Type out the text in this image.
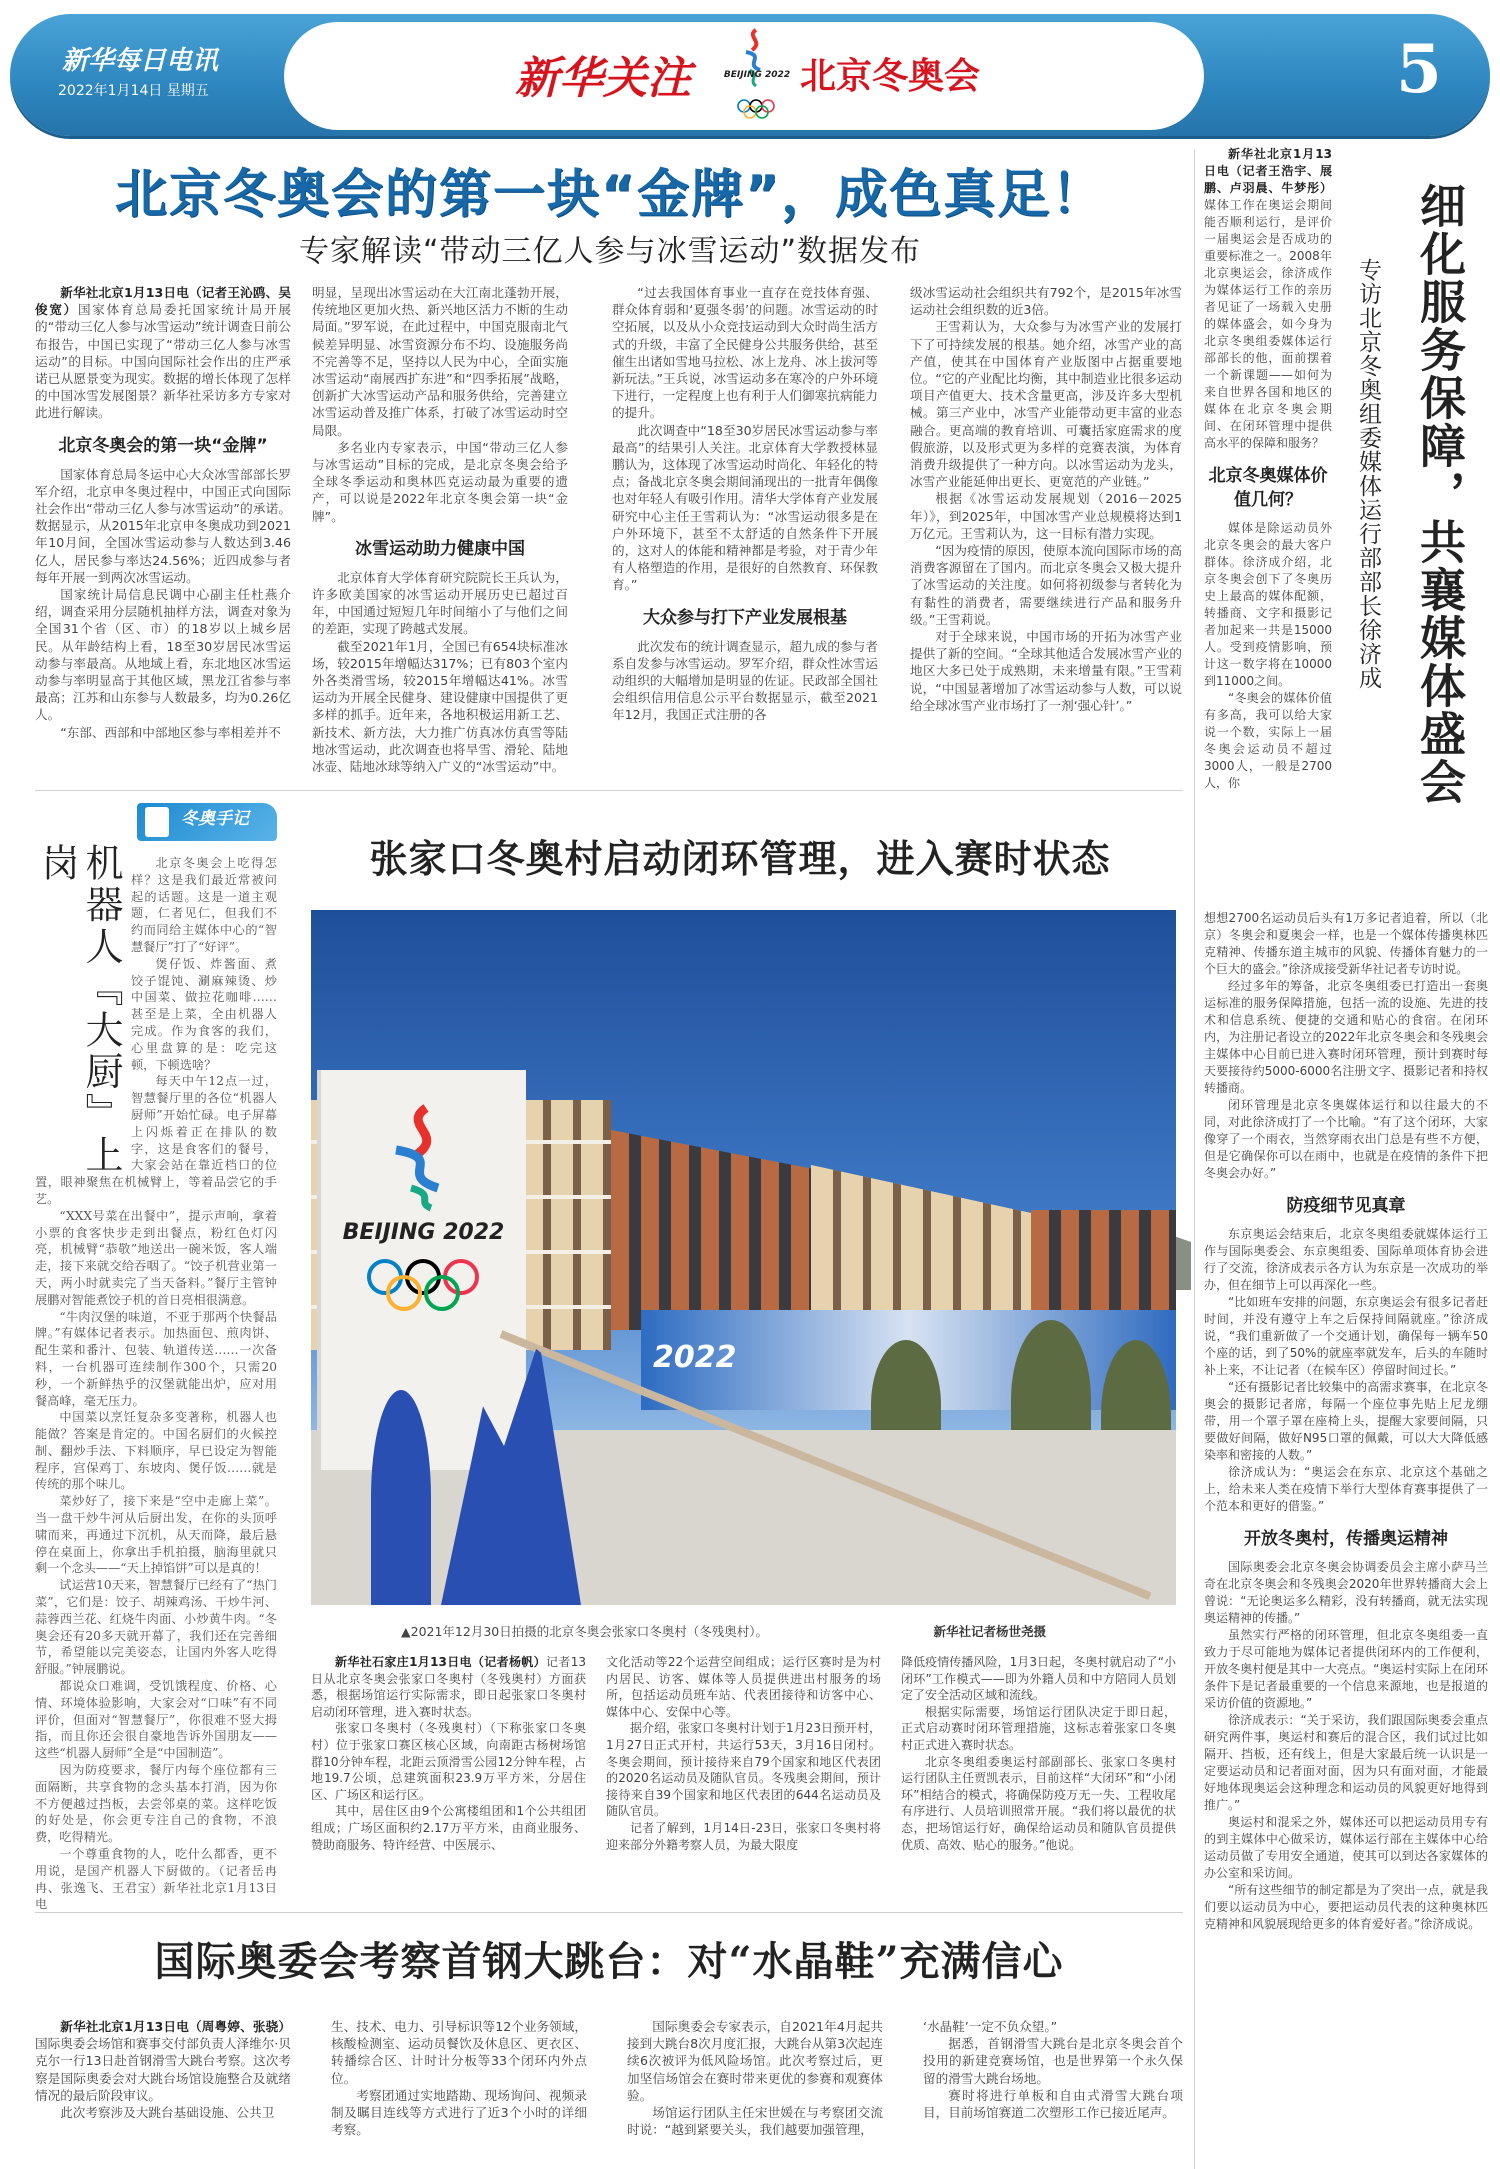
新华每日电讯
2022年1月14日 星期五	新华关注	BEIJING 2022 北京冬奥会	5
北京冬奥会的第一块“金牌”，成色真足！
专家解读“带动三亿人参与冰雪运动”数据发布

新华社北京1月13日电（记者王沁鸥、吴俊宽）国家体育总局委托国家统计局开展的“带动三亿人参与冰雪运动”统计调查日前公布报告，中国已实现了“带动三亿人参与冰雪运动”的目标。中国向国际社会作出的庄严承诺已从愿景变为现实。数据的增长体现了怎样的中国冰雪发展图景？新华社采访多方专家对此进行解读。

北京冬奥会的第一块“金牌”

国家体育总局冬运中心大众冰雪部部长罗军介绍，北京申冬奥过程中，中国正式向国际社会作出“带动三亿人参与冰雪运动”的承诺。数据显示，从2015年北京申冬奥成功到2021年10月间，全国冰雪运动参与人数达到3.46亿人，居民参与率达24.56%；近四成参与者每年开展一到两次冰雪运动。

国家统计局信息民调中心副主任杜燕介绍，调查采用分层随机抽样方法，调查对象为全国31个省（区、市）的18岁以上城乡居民。从年龄结构上看，18至30岁居民冰雪运动参与率最高。从地域上看，东北地区冰雪运动参与率明显高于其他区域，黑龙江省参与率最高；江苏和山东参与人数最多，均为0.26亿人。

“东部、西部和中部地区参与率相差并不

明显，呈现出冰雪运动在大江南北蓬勃开展，传统地区更加火热、新兴地区活力不断的生动局面。”罗军说，在此过程中，中国克服南北气候差异明显、冰雪资源分布不均、设施服务尚不完善等不足，坚持以人民为中心，全面实施冰雪运动“南展西扩东进”和“四季拓展”战略，创新扩大冰雪运动产品和服务供给，完善建立冰雪运动普及推广体系，打破了冰雪运动时空局限。

多名业内专家表示，中国“带动三亿人参与冰雪运动”目标的完成，是北京冬奥会给予全球冬季运动和奥林匹克运动最为重要的遗产，可以说是2022年北京冬奥会第一块“金牌”。

冰雪运动助力健康中国

北京体育大学体育研究院院长王兵认为，许多欧美国家的冰雪运动开展历史已超过百年，中国通过短短几年时间缩小了与他们之间的差距，实现了跨越式发展。

截至2021年1月，全国已有654块标准冰场，较2015年增幅达317%；已有803个室内外各类滑雪场，较2015年增幅达41%。冰雪运动为开展全民健身、建设健康中国提供了更多样的抓手。近年来，各地积极运用新工艺、新技术、新方法，大力推广仿真冰仿真雪等陆地冰雪运动，此次调查也将旱雪、滑轮、陆地冰壶、陆地冰球等纳入广义的“冰雪运动”中。

“过去我国体育事业一直存在竞技体育强、群众体育弱和‘夏强冬弱’的问题。冰雪运动的时空拓展，以及从小众竞技运动到大众时尚生活方式的升级，丰富了全民健身公共服务供给，甚至催生出诸如雪地马拉松、冰上龙舟、冰上拔河等新玩法。”王兵说，冰雪运动多在寒冷的户外环境下进行，一定程度上也有利于人们御寒抗病能力的提升。

此次调查中“18至30岁居民冰雪运动参与率最高”的结果引人关注。北京体育大学教授林显鹏认为，这体现了冰雪运动时尚化、年轻化的特点；备战北京冬奥会期间涌现出的一批青年偶像也对年轻人有吸引作用。清华大学体育产业发展研究中心主任王雪莉认为：“冰雪运动很多是在户外环境下，甚至不太舒适的自然条件下开展的，这对人的体能和精神都是考验，对于青少年有人格塑造的作用，是很好的自然教育、环保教育。”

大众参与打下产业发展根基

此次发布的统计调查显示，超九成的参与者系自发参与冰雪运动。罗军介绍，群众性冰雪运动组织的大幅增加是明显的佐证。民政部全国社会组织信用信息公示平台数据显示，截至2021年12月，我国正式注册的各

级冰雪运动社会组织共有792个，是2015年冰雪运动社会组织数的近3倍。

王雪莉认为，大众参与为冰雪产业的发展打下了可持续发展的根基。她介绍，冰雪产业的高产值，使其在中国体育产业版图中占据重要地位。“它的产业配比均衡，其中制造业比很多运动项目产值更大、技术含量更高，涉及许多大型机械。第三产业中，冰雪产业能带动更丰富的业态融合。更高端的教育培训、可囊括家庭需求的度假旅游，以及形式更为多样的竞赛表演，为体育消费升级提供了一种方向。以冰雪运动为龙头，冰雪产业能延伸出更长、更宽范的产业链。”

根据《冰雪运动发展规划（2016－2025年）》，到2025年，中国冰雪产业总规模将达到1万亿元。王雪莉认为，这一目标有潜力实现。

“因为疫情的原因，使原本流向国际市场的高消费客源留在了国内。而北京冬奥会又极大提升了冰雪运动的关注度。如何将初级参与者转化为有黏性的消费者，需要继续进行产品和服务升级。”王雪莉说。

对于全球来说，中国市场的开拓为冰雪产业提供了新的空间。“全球其他适合发展冰雪产业的地区大多已处于成熟期，未来增量有限。”王雪莉说，“中国显著增加了冰雪运动参与人数，可以说给全球冰雪产业市场打了一剂‘强心针’。”

新华社北京1月13日电（记者王浩宇、展鹏、卢羽晨、牛梦彤）媒体工作在奥运会期间能否顺利运行，是评价一届奥运会是否成功的重要标准之一。2008年北京奥运会，徐济成作为媒体运行工作的亲历者见证了一场载入史册的媒体盛会，如今身为北京冬奥组委媒体运行部部长的他，面前摆着一个新课题——如何为来自世界各国和地区的媒体在北京冬奥会期间、在闭环管理中提供高水平的保障和服务？

北京冬奥媒体价值几何？

媒体是除运动员外北京冬奥会的最大客户群体。徐济成介绍，北京冬奥会创下了冬奥历史上最高的媒体配额，转播商、文字和摄影记者加起来一共是15000人。受到疫情影响，预计这一数字将在10000到11000之间。

“冬奥会的媒体价值有多高，我可以给大家说一个数，实际上一届冬奥会运动员不超过3000人，一般是2700人，你	细化服务保障，共襄媒体盛会
专访北京冬奥组委媒体运行部部长徐济成

想想2700名运动员后头有1万多记者追着，所以（北京）冬奥会和夏奥会一样，也是一个媒体传播奥林匹克精神、传播东道主城市的风貌、传播体育魅力的一个巨大的盛会。”徐济成接受新华社记者专访时说。

经过多年的筹备，北京冬奥组委已打造出一套奥运标准的服务保障措施，包括一流的设施、先进的技术和信息系统、便捷的交通和贴心的食宿。在闭环内，为注册记者设立的2022年北京冬奥会和冬残奥会主媒体中心目前已进入赛时闭环管理，预计到赛时每天要接待约5000-6000名注册文字、摄影记者和持权转播商。

闭环管理是北京冬奥媒体运行和以往最大的不同，对此徐济成打了一个比喻。“有了这个闭环，大家像穿了一个雨衣，当然穿雨衣出门总是有些不方便，但是它确保你可以在雨中，也就是在疫情的条件下把冬奥会办好。”

防疫细节见真章

东京奥运会结束后，北京冬奥组委就媒体运行工作与国际奥委会、东京奥组委、国际单项体育协会进行了交流，徐济成表示各方认为东京是一次成功的举办，但在细节上可以再深化一些。

“比如班车安排的问题，东京奥运会有很多记者赶时间，并没有遵守上车之后保持间隔就座。”徐济成说，“我们重新做了一个交通计划，确保每一辆车50个座的话，到了50%的就座率就发车，后头的车随时补上来，不让记者（在候车区）停留时间过长。”

“还有摄影记者比较集中的高需求赛事，在北京冬奥会的摄影记者席，每隔一个座位事先贴上尼龙绷带，用一个罩子罩在座椅上头，提醒大家要间隔，只要做好间隔，做好N95口罩的佩戴，可以大大降低感染率和密接的人数。”

徐济成认为：“奥运会在东京、北京这个基础之上，给未来人类在疫情下举行大型体育赛事提供了一个范本和更好的借鉴。”

开放冬奥村，传播奥运精神

国际奥委会北京冬奥会协调委员会主席小萨马兰奇在北京冬奥会和冬残奥会2020年世界转播商大会上曾说：“无论奥运多么精彩，没有转播商，就无法实现奥运精神的传播。”

虽然实行严格的闭环管理，但北京冬奥组委一直致力于尽可能地为媒体记者提供闭环内的工作便利，开放冬奥村便是其中一大亮点。“奥运村实际上在闭环条件下是记者最重要的一个信息来源地，也是报道的采访价值的资源地。”

徐济成表示：“关于采访，我们跟国际奥委会重点研究两件事，奥运村和赛后的混合区，我们试过比如隔开、挡板，还有线上，但是大家最后统一认识是一定要运动员和记者面对面，因为只有面对面，才能最好地体现奥运会这种理念和运动员的风貌更好地得到推广。”

奥运村和混采之外，媒体还可以把运动员用专有的到主媒体中心做采访，媒体运行部在主媒体中心给运动员做了专用安全通道，使其可以到达各家媒体的办公室和采访间。

“所有这些细节的制定都是为了突出一点，就是我们要以运动员为中心，要把运动员代表的这种奥林匹克精神和风貌展现给更多的体育爱好者。”徐济成说。

冬奥手记
机器人『大厨』上岗	北京冬奥会上吃得怎样？这是我们最近常被问起的话题。这是一道主观题，仁者见仁，但我们不约而同给主媒体中心的“智慧餐厅”打了“好评”。

煲仔饭、炸酱面、煮饺子馄饨、涮麻辣烫、炒中国菜、做拉花咖啡……甚至是上菜，全由机器人完成。作为食客的我们，心里盘算的是：吃完这顿，下顿选啥？

每天中午12点一过，智慧餐厅里的各位“机器人厨师”开始忙碌。电子屏幕上闪烁着正在排队的数字，这是食客们的餐号，大家会站在靠近档口的位置，眼神聚焦在机械臂上，等着品尝它的手艺。

“XXX号菜在出餐中”，提示声响，拿着小票的食客快步走到出餐点，粉红色灯闪亮，机械臂“恭敬”地送出一碗米饭，客人端走，接下来就交给吞咽了。“饺子机营业第一天，两小时就卖完了当天备料。”餐厅主管钟展鹏对智能煮饺子机的首日亮相很满意。

“牛肉汉堡的味道，不亚于那两个快餐品牌。”有媒体记者表示。加热面包、煎肉饼、配生菜和番汁、包装、轨道传送……一次备料，一台机器可连续制作300个，只需20秒，一个新鲜热乎的汉堡就能出炉，应对用餐高峰，毫无压力。

中国菜以烹饪复杂多变著称，机器人也能做？答案是肯定的。中国名厨们的火候控制、翻炒手法、下料顺序，早已设定为智能程序，宫保鸡丁、东坡肉、煲仔饭……就是传统的那个味儿。

菜炒好了，接下来是“空中走廊上菜”。当一盘干炒牛河从后厨出发，在你的头顶呼啸而来，再通过下沉机，从天而降，最后悬停在桌面上，你拿出手机拍摄，脑海里就只剩一个念头——“天上掉馅饼”可以是真的！

试运营10天来，智慧餐厅已经有了“热门菜”，它们是：饺子、胡辣鸡汤、干炒牛河、蒜蓉西兰花、红烧牛肉面、小炒黄牛肉。“冬奥会还有20多天就开幕了，我们还在完善细节，希望能以完美姿态，让国内外客人吃得舒服。”钟展鹏说。

都说众口难调，受饥饿程度、价格、心情、环境体验影响，大家会对“口味”有不同评价，但面对“智慧餐厅”，你很难不竖大拇指，而且你还会很自豪地告诉外国朋友——这些“机器人厨师”全是“中国制造”。

因为防疫要求，餐厅内每个座位都有三面隔断，共享食物的念头基本打消，因为你不方便越过挡板，去尝邻桌的菜。这样吃饭的好处是，你会更专注自己的食物，不浪费，吃得精光。

一个尊重食物的人，吃什么都香，更不用说，是国产机器人下厨做的。（记者岳冉冉、张逸飞、王君宝）新华社北京1月13日电

张家口冬奥村启动闭环管理，进入赛时状态
2022
BEIJING 2022
▲2021年12月30日拍摄的北京冬奥会张家口冬奥村（冬残奥村）。	新华社记者杨世尧摄

新华社石家庄1月13日电（记者杨帆）记者13日从北京冬奥会张家口冬奥村（冬残奥村）方面获悉，根据场馆运行实际需求，即日起张家口冬奥村启动闭环管理，进入赛时状态。

张家口冬奥村（冬残奥村）（下称张家口冬奥村）位于张家口赛区核心区域，向南距古杨树场馆群10分钟车程，北距云顶滑雪公园12分钟车程，占地19.7公顷，总建筑面积23.9万平方米，分居住区、广场区和运行区。

其中，居住区由9个公寓楼组团和1个公共组团组成；广场区面积约2.17万平方米，由商业服务、赞助商服务、特许经营、中医展示、

文化活动等22个运营空间组成；运行区赛时是为村内居民、访客、媒体等人员提供进出村服务的场所，包括运动员班车站、代表团接待和访客中心、媒体中心、安保中心等。

据介绍，张家口冬奥村计划于1月23日预开村，1月27日正式开村，共运行53天，3月16日闭村。冬奥会期间，预计接待来自79个国家和地区代表团的2020名运动员及随队官员。冬残奥会期间，预计接待来自39个国家和地区代表团的644名运动员及随队官员。

记者了解到，1月14日-23日，张家口冬奥村将迎来部分外籍考察人员，为最大限度

降低疫情传播风险，1月3日起，冬奥村就启动了“小闭环”工作模式——即为外籍人员和中方陪同人员划定了安全活动区域和流线。

根据实际需要，场馆运行团队决定于即日起，正式启动赛时闭环管理措施，这标志着张家口冬奥村正式进入赛时状态。

北京冬奥组委奥运村部副部长、张家口冬奥村运行团队主任贾凯表示，目前这样“大闭环”和“小闭环”相结合的模式，将确保防疫万无一失、工程收尾有序进行、人员培训照常开展。“我们将以最优的状态，把场馆运行好，确保给运动员和随队官员提供优质、高效、贴心的服务。”他说。

国际奥委会考察首钢大跳台：对“水晶鞋”充满信心

新华社北京1月13日电（周粤婷、张骁）国际奥委会场馆和赛事交付部负责人泽维尔·贝克尔一行13日赴首钢滑雪大跳台考察。这次考察是国际奥委会对大跳台场馆设施整合及就绪情况的最后阶段审议。

此次考察涉及大跳台基础设施、公共卫

生、技术、电力、引导标识等12个业务领域，核酸检测室、运动员餐饮及休息区、更衣区、转播综合区、计时计分板等33个闭环内外点位。

考察团通过实地踏勘、现场询问、视频录制及瞩目连线等方式进行了近3个小时的详细考察。

国际奥委会专家表示，自2021年4月起共接到大跳台8次月度汇报，大跳台从第3次起连续6次被评为低风险场馆。此次考察过后，更加坚信场馆会在赛时带来更优的参赛和观赛体验。

场馆运行团队主任宋世媛在与考察团交流时说：“越到紧要关头，我们越要加强管理，

‘水晶鞋’一定不负众望。”

据悉，首钢滑雪大跳台是北京冬奥会首个投用的新建竞赛场馆，也是世界第一个永久保留的滑雪大跳台场地。

赛时将进行单板和自由式滑雪大跳台项目，目前场馆赛道二次塑形工作已接近尾声。
